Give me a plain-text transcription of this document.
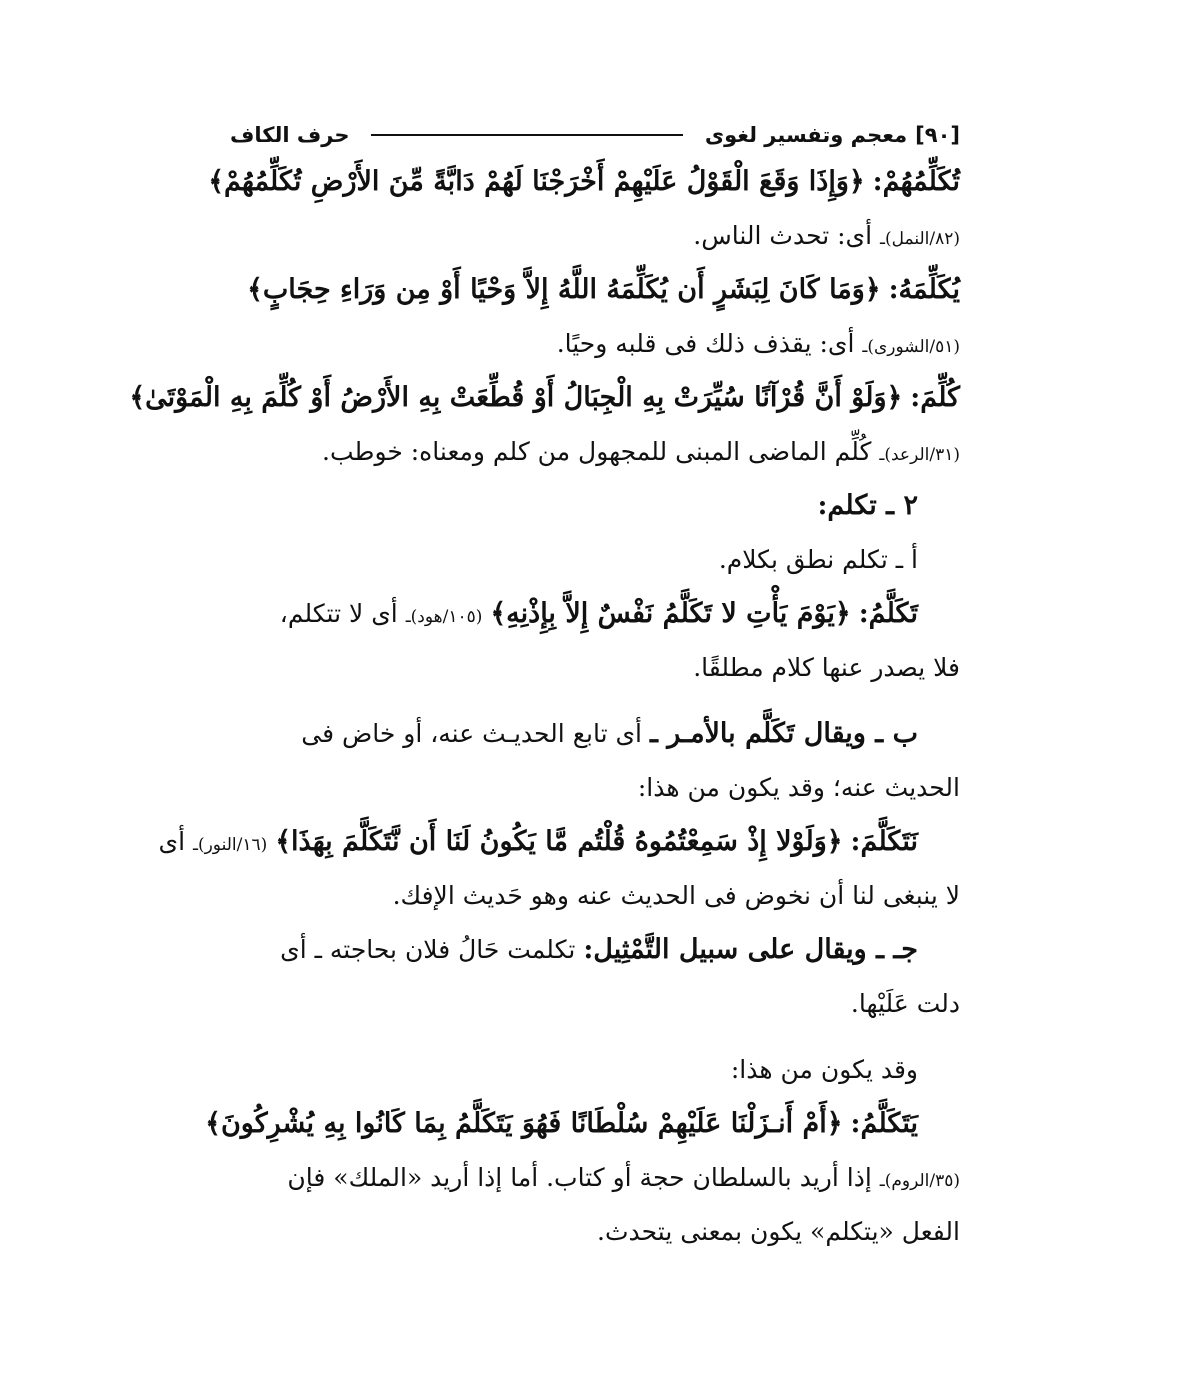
[٩٠]
معجم وتفسير لغوى
حرف الكاف
تُكَلِّمُهُمْ: ﴿وَإِذَا وَقَعَ الْقَوْلُ عَلَيْهِمْ أَخْرَجْنَا لَهُمْ دَابَّةً مِّنَ الأَرْضِ تُكَلِّمُهُمْ﴾
(٨٢/النمل)ـ أى: تحدث الناس.
يُكَلِّمَهُ: ﴿وَمَا كَانَ لِبَشَرٍ أَن يُكَلِّمَهُ اللَّهُ إِلاَّ وَحْيًا أَوْ مِن وَرَاءِ حِجَابٍ﴾
(٥١/الشورى)ـ أى: يقذف ذلك فى قلبه وحيًا.
كُلِّمَ: ﴿وَلَوْ أَنَّ قُرْآنًا سُيِّرَتْ بِهِ الْجِبَالُ أَوْ قُطِّعَتْ بِهِ الأَرْضُ أَوْ كُلِّمَ بِهِ الْمَوْتَىٰ﴾
(٣١/الرعد)ـ كُلِّم الماضى المبنى للمجهول من كلم ومعناه: خوطب.
٢ ـ تكلم:
أ ـ تكلم نطق بكلام.
تَكَلَّمُ: ﴿يَوْمَ يَأْتِ لا تَكَلَّمُ نَفْسٌ إِلاَّ بِإِذْنِهِ﴾ (١٠٥/هود)ـ أى لا تتكلم،
فلا يصدر عنها كلام مطلقًا.
ب ـ ويقال تَكَلَّم بالأمـر ـ أى تابع الحديـث عنه، أو خاض فى
الحديث عنه؛ وقد يكون من هذا:
نَتَكَلَّمَ: ﴿وَلَوْلا إِذْ سَمِعْتُمُوهُ قُلْتُم مَّا يَكُونُ لَنَا أَن نَّتَكَلَّمَ بِهَذَا﴾ (١٦/النور)ـ أى
لا ينبغى لنا أن نخوض فى الحديث عنه وهو حَديث الإفك.
جـ ـ ويقال على سبيل التَّمْثِيل: تكلمت حَالُ فلان بحاجته ـ أى
دلت عَلَيْها.
وقد يكون من هذا:
يَتَكَلَّمُ: ﴿أَمْ أَنـزَلْنَا عَلَيْهِمْ سُلْطَانًا فَهُوَ يَتَكَلَّمُ بِمَا كَانُوا بِهِ يُشْرِكُونَ﴾
(٣٥/الروم)ـ إذا أريد بالسلطان حجة أو كتاب. أما إذا أريد «الملك» فإن
الفعل «يتكلم» يكون بمعنى يتحدث.
